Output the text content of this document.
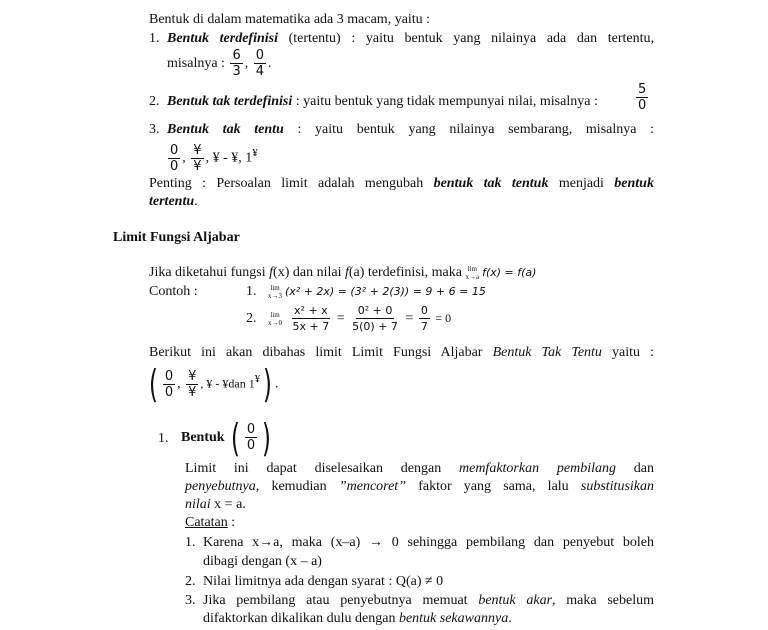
Bentuk di dalam matematika ada 3 macam, yaitu :
1. Bentuk terdefinisi (tertentu) : yaitu bentuk yang nilainya ada dan tertentu,
misalnya : $\frac{6}{3}$ , $\frac{0}{4}$ .
2. Bentuk tak terdefinisi : yaitu bentuk yang tidak mempunyai nilai, misalnya :	$\frac{5}{0}$
3. Bentuk tak tentu : yaitu bentuk yang nilainya sembarang, misalnya :
$\frac{0}{0}$ , $\frac{¥}{¥}$ , ¥ - ¥, 1¥
Penting : Persoalan limit adalah mengubah bentuk tak tentuk menjadi bentuk
tertentu.
Limit Fungsi Aljabar
Jika diketahui fungsi f(x) dan nilai f(a) terdefinisi, maka lim
x→a f(x) = f(a)
Contoh :	1. lim
x→3 (x² + 2x) = (3² + 2(3)) = 9 + 6 = 15
2. lim
x→0
$\frac{\text{x² + x}}{5x + 7} = \frac{\text{0² + 0}}{5(0) + 7} = \frac{0}{7} = 0$
Berikut ini akan dibahas limit Limit Fungsi Aljabar Bentuk Tak Tentu yaitu :
( $\frac{0}{0}$ , $\frac{¥}{¥}$ , ¥ - ¥dan 1¥) .
1. Bentuk ( $\frac{0}{0}$ )
Limit ini dapat diselesaikan dengan memfaktorkan pembilang dan
penyebutnya, kemudian ”mencoret” faktor yang sama, lalu substitusikan
nilai x = a.
Catatan :
1. Karena x→a, maka (x–a) → 0 sehingga pembilang dan penyebut boleh
dibagi dengan (x – a)
2. Nilai limitnya ada dengan syarat : Q(a) ≠ 0
3. Jika pembilang atau penyebutnya memuat bentuk akar, maka sebelum
difaktorkan dikalikan dulu dengan bentuk sekawannya.
